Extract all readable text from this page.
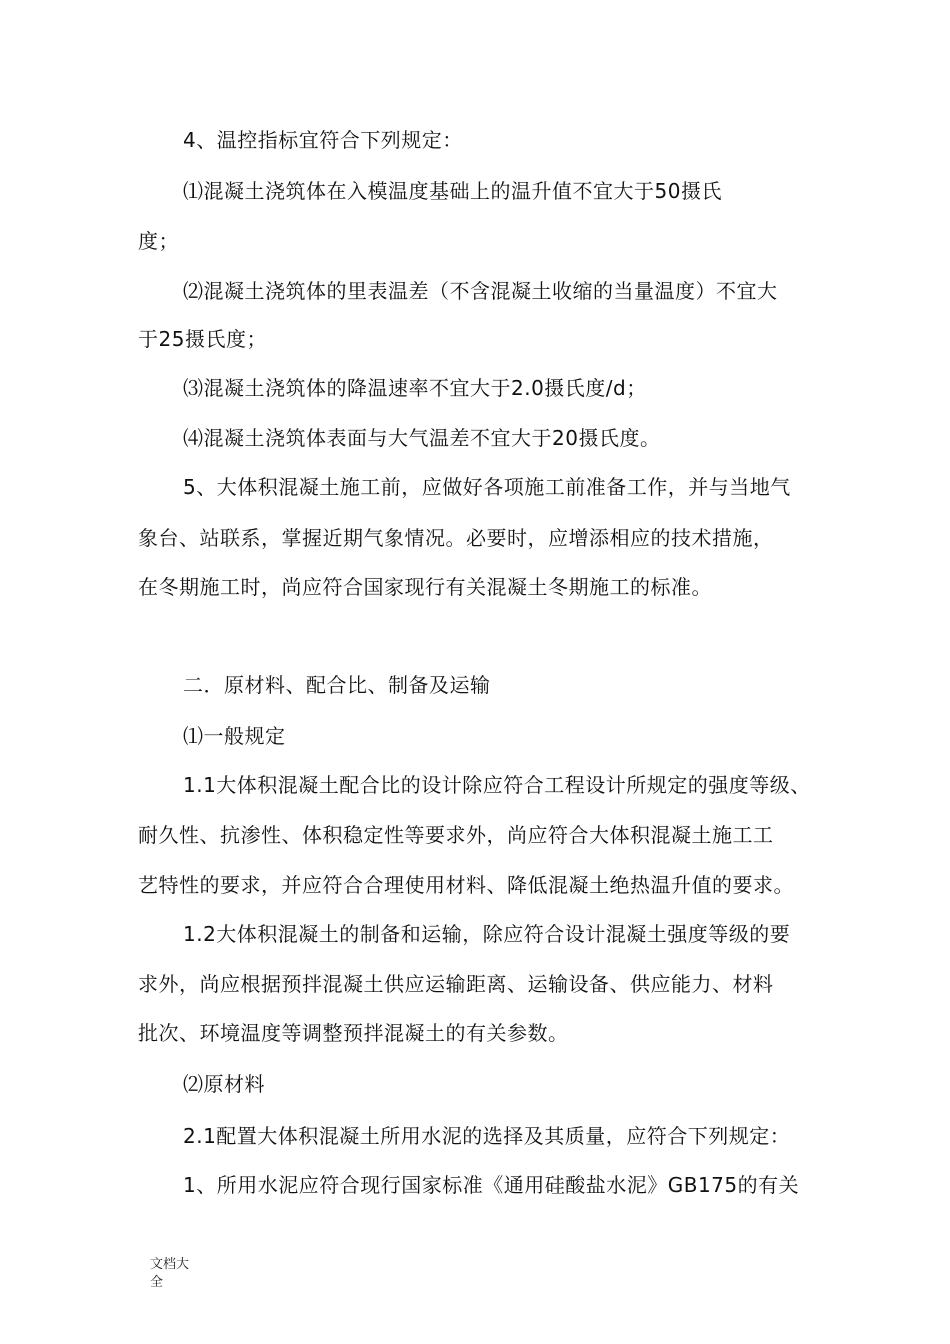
4、温控指标宜符合下列规定：
⑴混凝土浇筑体在入模温度基础上的温升值不宜大于50摄氏
度；
⑵混凝土浇筑体的里表温差（不含混凝土收缩的当量温度）不宜大
于25摄氏度；
⑶混凝土浇筑体的降温速率不宜大于2.0摄氏度/d；
⑷混凝土浇筑体表面与大气温差不宜大于20摄氏度。
5、大体积混凝土施工前，应做好各项施工前准备工作，并与当地气
象台、站联系，掌握近期气象情况。必要时，应增添相应的技术措施，
在冬期施工时，尚应符合国家现行有关混凝土冬期施工的标准。
二．原材料、配合比、制备及运输
⑴一般规定
1.1大体积混凝土配合比的设计除应符合工程设计所规定的强度等级、
耐久性、抗渗性、体积稳定性等要求外，尚应符合大体积混凝土施工工
艺特性的要求，并应符合合理使用材料、降低混凝土绝热温升值的要求。
1.2大体积混凝土的制备和运输，除应符合设计混凝土强度等级的要
求外，尚应根据预拌混凝土供应运输距离、运输设备、供应能力、材料
批次、环境温度等调整预拌混凝土的有关参数。
⑵原材料
2.1配置大体积混凝土所用水泥的选择及其质量，应符合下列规定：
1、所用水泥应符合现行国家标准《通用硅酸盐水泥》GB175的有关
文档大全
